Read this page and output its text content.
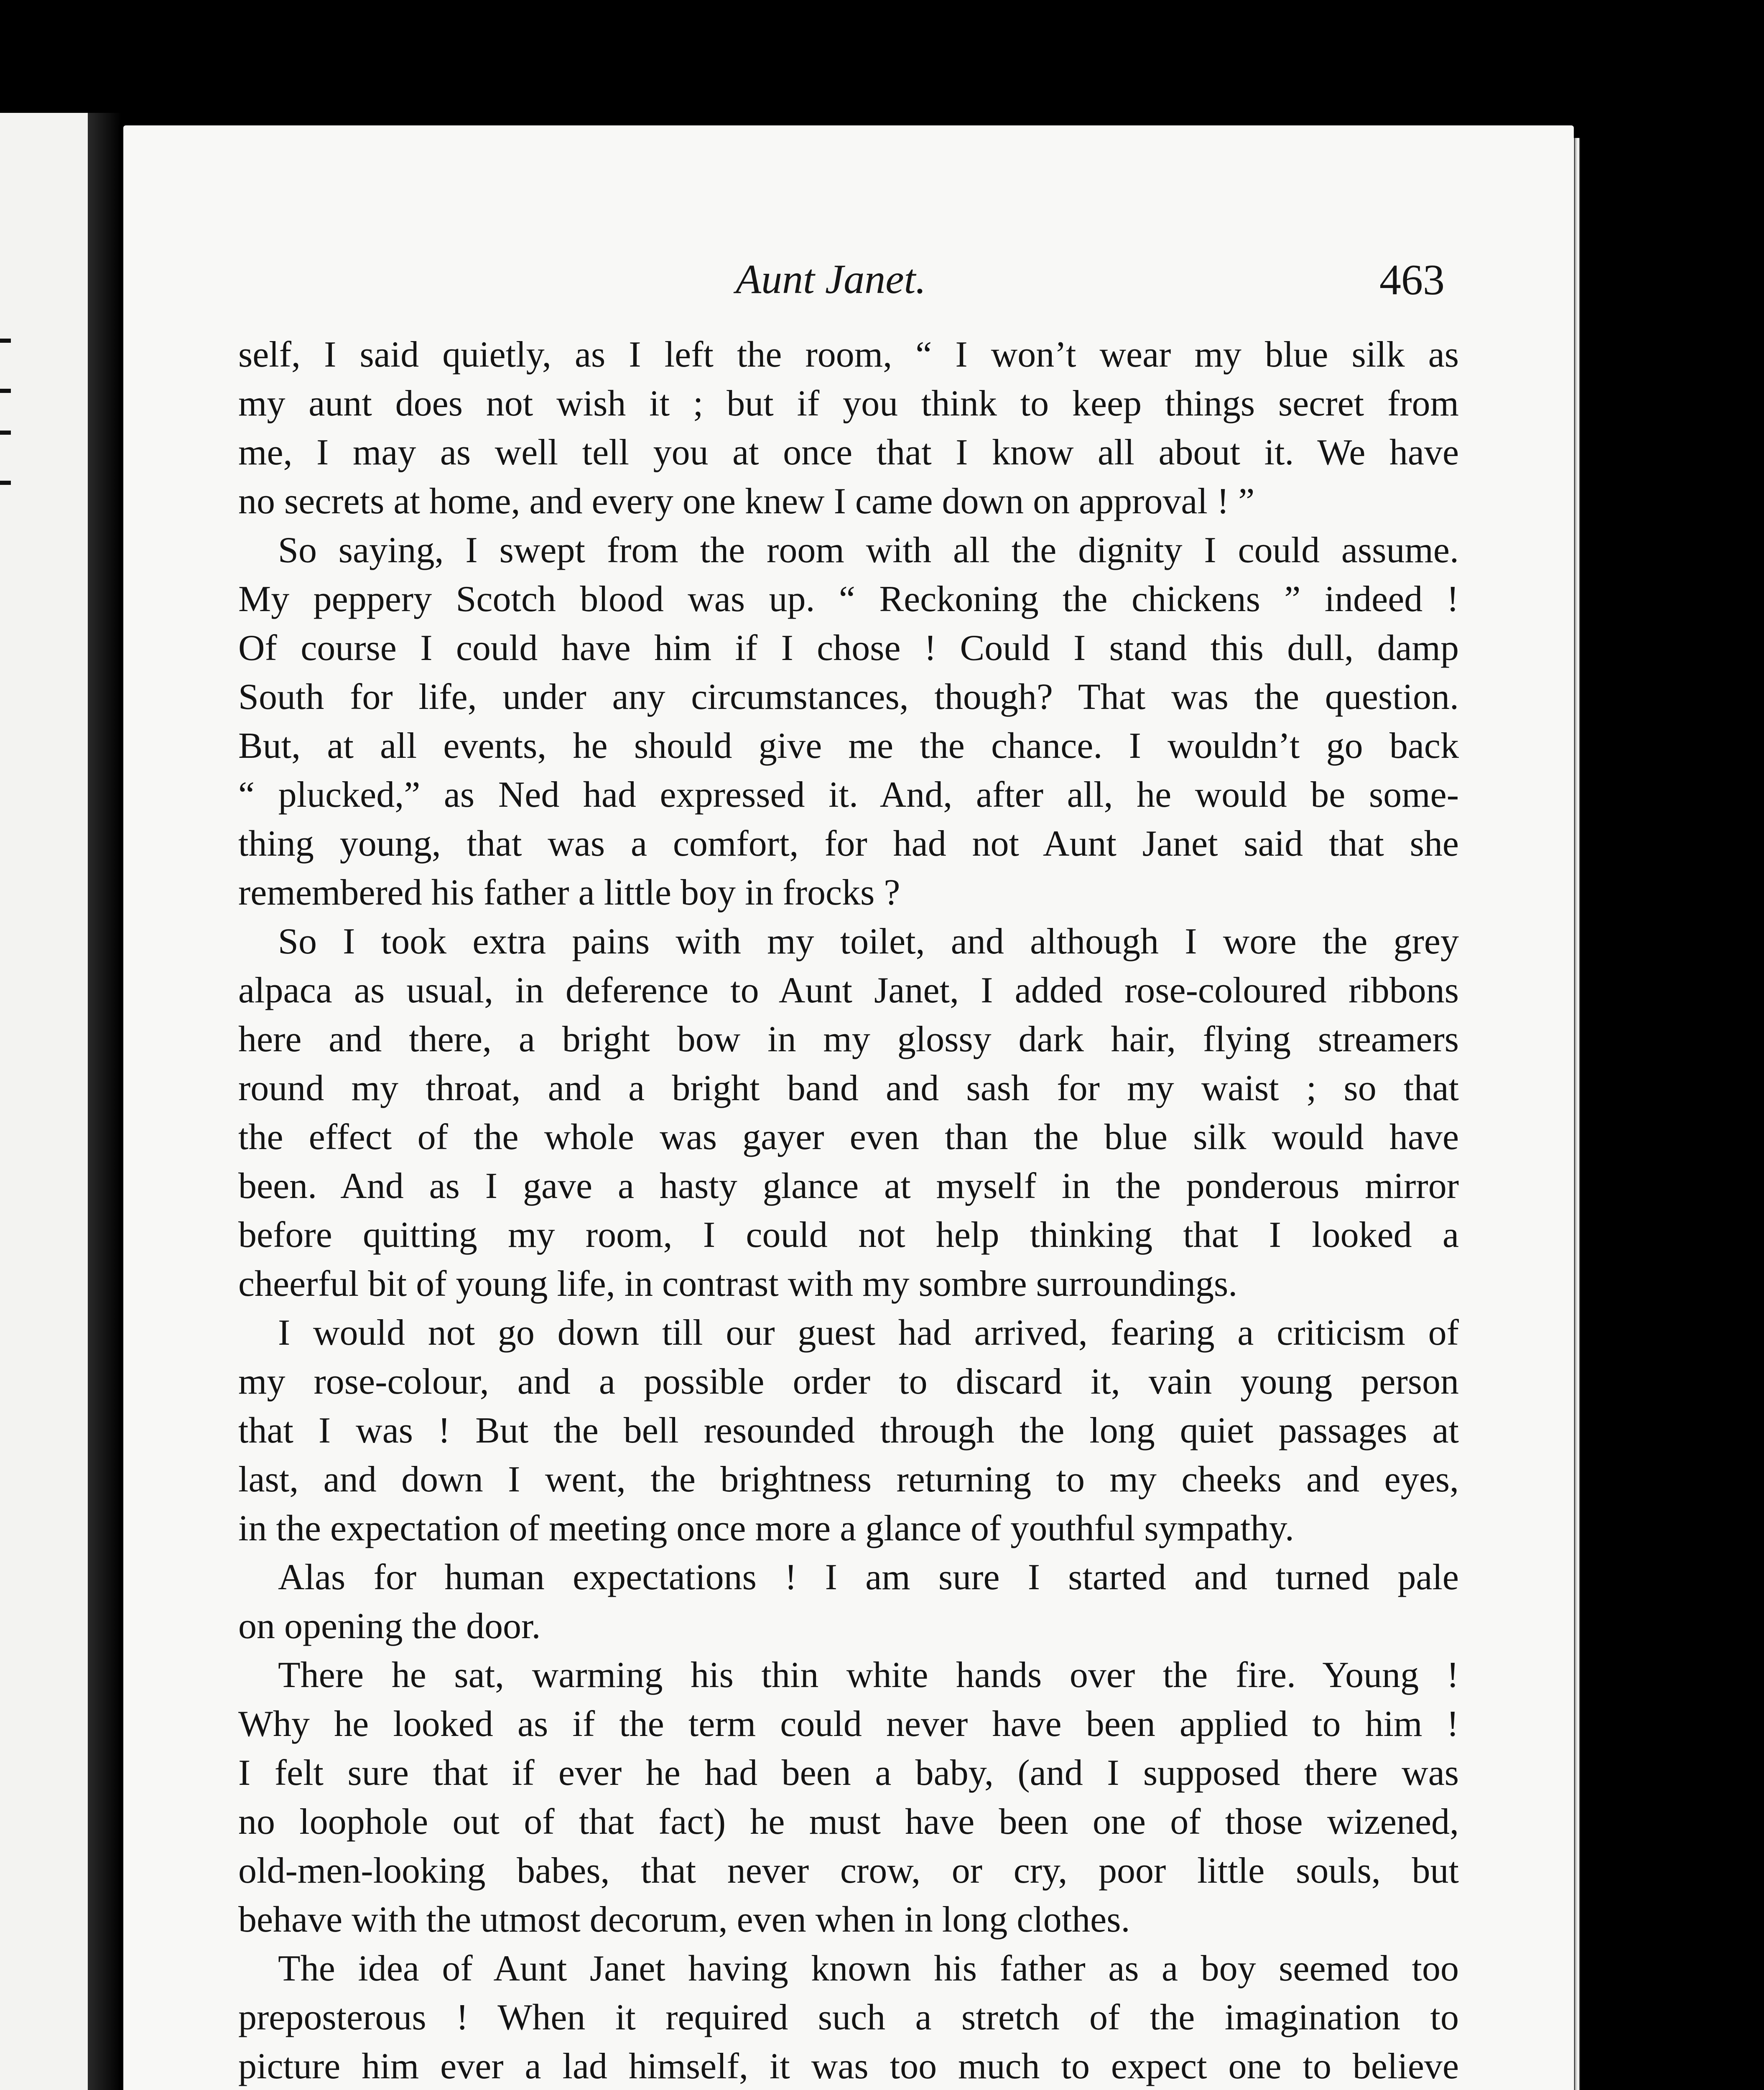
Aunt Janet.	463
self, I said quietly, as I left the room, “ I won’t wear my blue silk as
my aunt does not wish it ; but if you think to keep things secret from
me, I may as well tell you at once that I know all about it. We have
no secrets at home, and every one knew I came down on approval ! ”
So saying, I swept from the room with all the dignity I could assume.
My peppery Scotch blood was up. “ Reckoning the chickens ” indeed !
Of course I could have him if I chose ! Could I stand this dull, damp
South for life, under any circumstances, though? That was the question.
But, at all events, he should give me the chance. I wouldn’t go back
“ plucked,” as Ned had expressed it. And, after all, he would be some-
thing young, that was a comfort, for had not Aunt Janet said that she
remembered his father a little boy in frocks ?
So I took extra pains with my toilet, and although I wore the grey
alpaca as usual, in deference to Aunt Janet, I added rose-coloured ribbons
here and there, a bright bow in my glossy dark hair, flying streamers
round my throat, and a bright band and sash for my waist ; so that
the effect of the whole was gayer even than the blue silk would have
been. And as I gave a hasty glance at myself in the ponderous mirror
before quitting my room, I could not help thinking that I looked a
cheerful bit of young life, in contrast with my sombre surroundings.
I would not go down till our guest had arrived, fearing a criticism of
my rose-colour, and a possible order to discard it, vain young person
that I was ! But the bell resounded through the long quiet passages at
last, and down I went, the brightness returning to my cheeks and eyes,
in the expectation of meeting once more a glance of youthful sympathy.
Alas for human expectations ! I am sure I started and turned pale
on opening the door.
There he sat, warming his thin white hands over the fire. Young !
Why he looked as if the term could never have been applied to him !
I felt sure that if ever he had been a baby, (and I supposed there was
no loophole out of that fact) he must have been one of those wizened,
old-men-looking babes, that never crow, or cry, poor little souls, but
behave with the utmost decorum, even when in long clothes.
The idea of Aunt Janet having known his father as a boy seemed too
preposterous ! When it required such a stretch of the imagination to
picture him ever a lad himself, it was too much to expect one to believe
